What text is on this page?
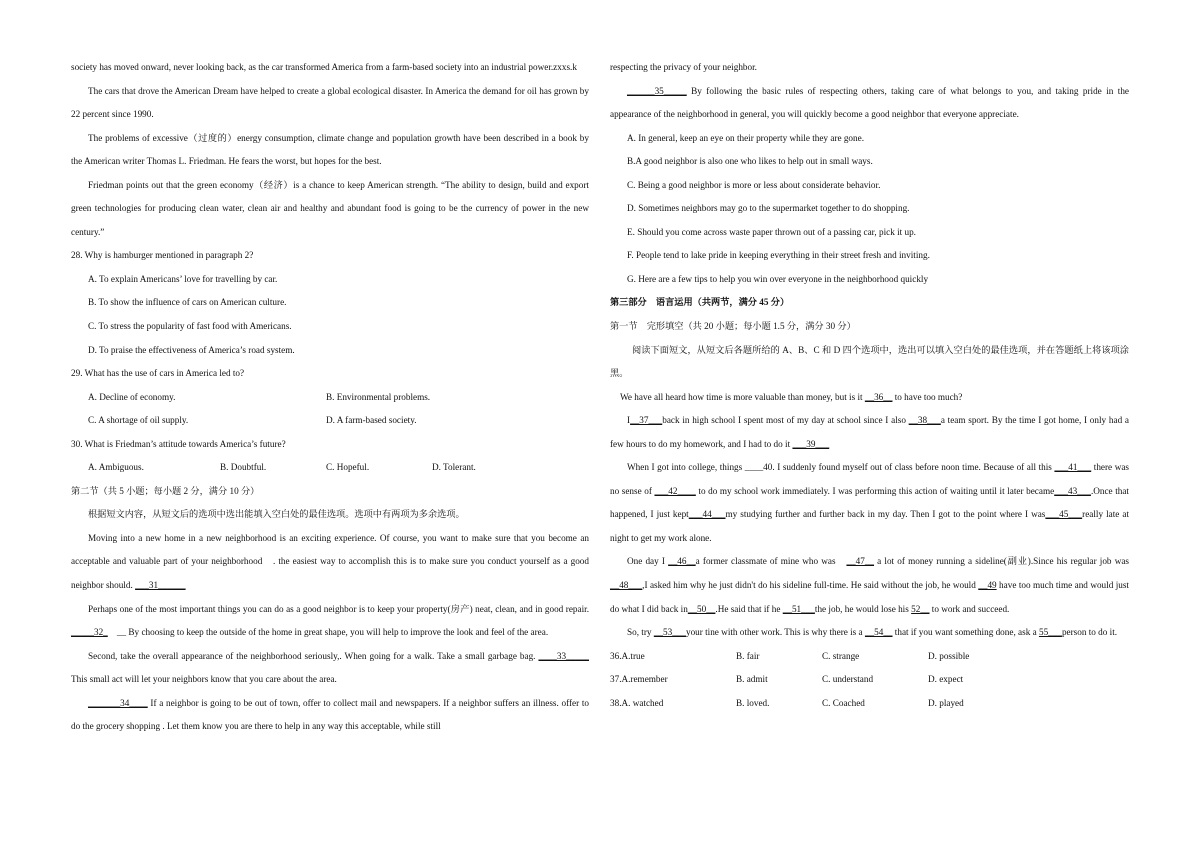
society has moved onward, never looking back, as the car transformed America from a farm-based society into an industrial power.zxxs.k
The cars that drove the American Dream have helped to create a global ecological disaster. In America the demand for oil has grown by 22 percent since 1990.
The problems of excessive（过度的）energy consumption, climate change and population growth have been described in a book by the American writer Thomas L. Friedman. He fears the worst, but hopes for the best.
Friedman points out that the green economy（经济）is a chance to keep American strength. “The ability to design, build and export green technologies for producing clean water, clean air and healthy and abundant food is going to be the currency of power in the new century.”
28. Why is hamburger mentioned in paragraph 2?
A. To explain Americans’ love for travelling by car.
B. To show the influence of cars on American culture.
C. To stress the popularity of fast food with Americans.
D. To praise the effectiveness of America’s road system.
29. What has the use of cars in America led to?
A. Decline of economy.	B. Environmental problems.
C. A shortage of oil supply.	D. A farm-based society.
30. What is Friedman’s attitude towards America’s future?
A. Ambiguous.	B. Doubtful.	C. Hopeful.	D. Tolerant.
第二节（共 5 小题；每小题 2 分，满分 10 分）
根据短文内容，从短文后的选项中选出能填入空白处的最佳选项。选项中有两项为多余选项。
Moving into a new home in a new neighborhood is an exciting experience. Of course, you want to make sure that you become an acceptable and valuable part of your neighborhood　. the easiest way to accomplish this is to make sure you conduct yourself as a good neighbor should. ___31______
Perhaps one of the most important things you can do as a good neighbor is to keep your property(房产) neat, clean, and in good repair. _____32_　__ By choosing to keep the outside of the home in great shape, you will help to improve the look and feel of the area.
Second, take the overall appearance of the neighborhood seriously,. When going for a walk. Take a small garbage bag. ____33_____ This small act will let your neighbors know that you care about the area.
_______34____ If a neighbor is going to be out of town, offer to collect mail and newspapers. If a neighbor suffers an illness. offer to do the grocery shopping . Let them know you are there to help in any way this acceptable, while still
respecting the privacy of your neighbor.
______35_____ By following the basic rules of respecting others, taking care of what belongs to you, and taking pride in the appearance of the neighborhood in general, you will quickly become a good neighbor that everyone appreciate.
A. In general, keep an eye on their property while they are gone.
B.A good neighbor is also one who likes to help out in small ways.
C. Being a good neighbor is more or less about considerate behavior.
D. Sometimes neighbors may go to the supermarket together to do shopping.
E. Should you come across waste paper thrown out of a passing car, pick it up.
F. People tend to lake pride in keeping everything in their street fresh and inviting.
G. Here are a few tips to help you win over everyone in the neighborhood quickly
第三部分　语言运用（共两节，满分 45 分）
第一节　完形填空（共 20 小题；每小题 1.5 分，满分 30 分）
阅读下面短文，从短文后各题所给的 A、B、C 和 D 四个选项中，选出可以填入空白处的最佳选项，并在答题纸上将该项涂黑。
We have all heard how time is more valuable than money, but is it __36__ to have too much?
I__37___back in high school I spent most of my day at school since I also __38___a team sport. By the time I got home, I only had a few hours to do my homework, and I had to do it ___39___
When I got into college, things ____40. I suddenly found myself out of class before noon time. Because of all this ___41___ there was no sense of ___42____ to do my school work immediately. I was performing this action of waiting until it later became___43___.Once that happened, I just kept___44___my studying further and further back in my day. Then I got to the point where I was___45___really late at night to get my work alone.
One day I __46__a former classmate of mine who was　__47__ a lot of money running a sideline(副业).Since his regular job was __48___,I asked him why he just didn't do his sideline full-time. He said without the job, he would __49 have too much time and would just do what I did back in__50__.He said that if he __51___the job, he would lose his 52__ to work and succeed.
So, try __53___your tine with other work. This is why there is a __54__ that if you want something done, ask a 55___person to do it.
36.A.true	B. fair	C. strange	D. possible
37.A.remember	B. admit	C. understand	D. expect
38.A. watched	B. loved.	C. Coached	D. played
